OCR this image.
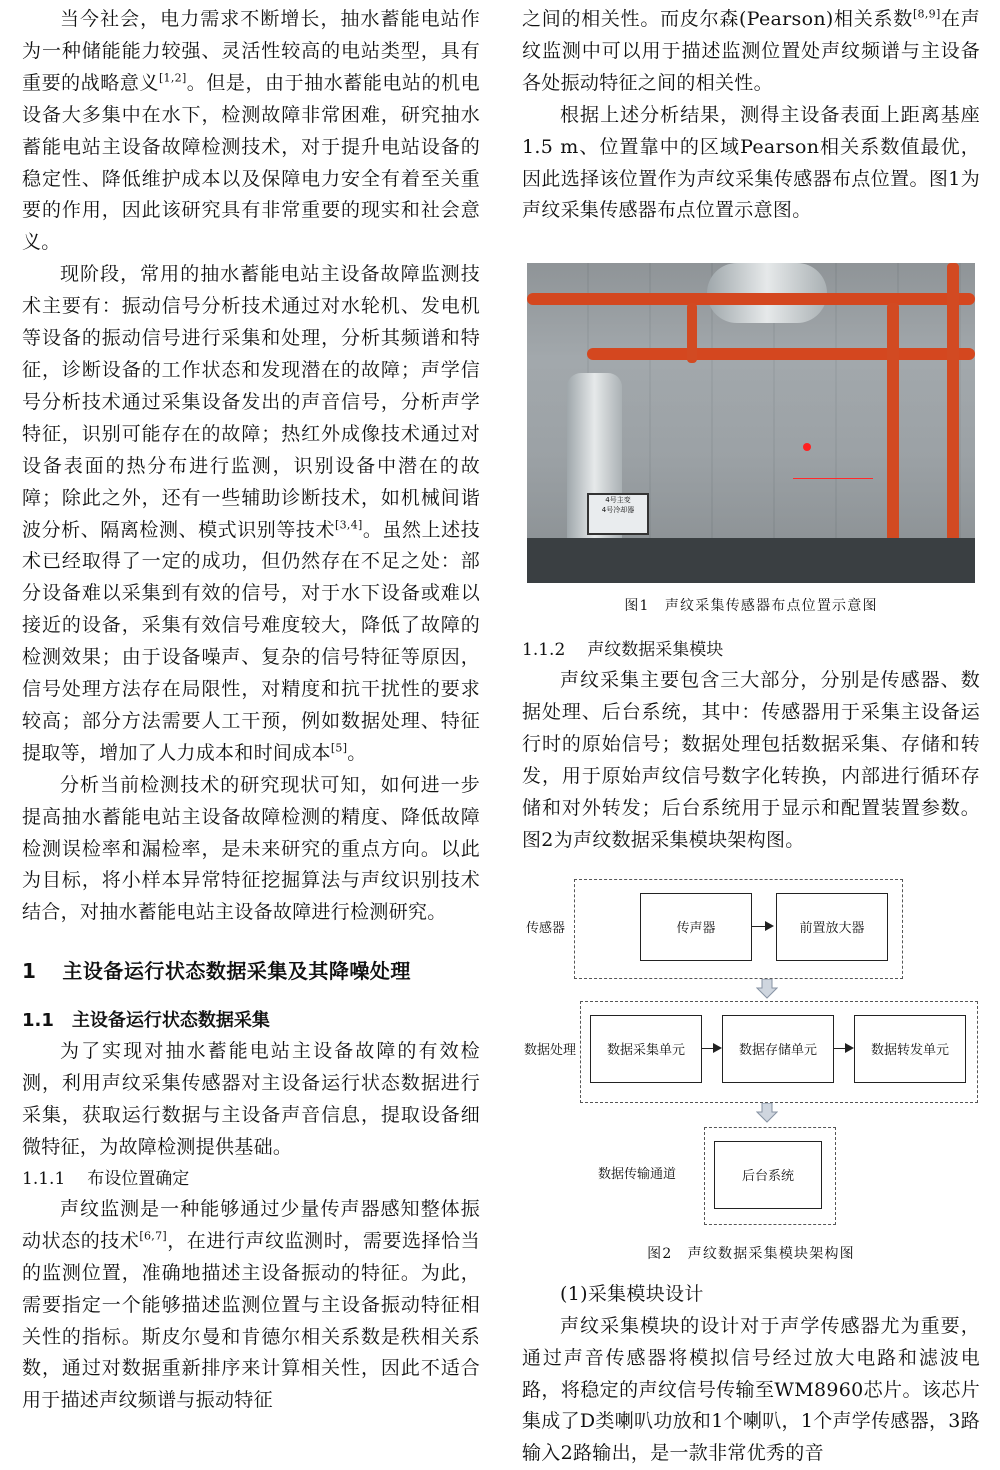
当今社会，电力需求不断增长，抽水蓄能电站作为一种储能能力较强、灵活性较高的电站类型，具有重要的战略意义[1,2]。但是，由于抽水蓄能电站的机电设备大多集中在水下，检测故障非常困难，研究抽水蓄能电站主设备故障检测技术，对于提升电站设备的稳定性、降低维护成本以及保障电力安全有着至关重要的作用，因此该研究具有非常重要的现实和社会意义。

现阶段，常用的抽水蓄能电站主设备故障监测技术主要有：振动信号分析技术通过对水轮机、发电机等设备的振动信号进行采集和处理，分析其频谱和特征，诊断设备的工作状态和发现潜在的故障；声学信号分析技术通过采集设备发出的声音信号，分析声学特征，识别可能存在的故障；热红外成像技术通过对设备表面的热分布进行监测，识别设备中潜在的故障；除此之外，还有一些辅助诊断技术，如机械间谐波分析、隔离检测、模式识别等技术[3,4]。虽然上述技术已经取得了一定的成功，但仍然存在不足之处：部分设备难以采集到有效的信号，对于水下设备或难以接近的设备，采集有效信号难度较大，降低了故障的检测效果；由于设备噪声、复杂的信号特征等原因，信号处理方法存在局限性，对精度和抗干扰性的要求较高；部分方法需要人工干预，例如数据处理、特征提取等，增加了人力成本和时间成本[5]。

分析当前检测技术的研究现状可知，如何进一步提高抽水蓄能电站主设备故障检测的精度、降低故障检测误检率和漏检率，是未来研究的重点方向。以此为目标，将小样本异常特征挖掘算法与声纹识别技术结合，对抽水蓄能电站主设备故障进行检测研究。

1 主设备运行状态数据采集及其降噪处理
1.1 主设备运行状态数据采集

为了实现对抽水蓄能电站主设备故障的有效检测，利用声纹采集传感器对主设备运行状态数据进行采集，获取运行数据与主设备声音信息，提取设备细微特征，为故障检测提供基础。

1.1.1 布设位置确定

声纹监测是一种能够通过少量传声器感知整体振动状态的技术[6,7]，在进行声纹监测时，需要选择恰当的监测位置，准确地描述主设备振动的特征。为此，需要指定一个能够描述监测位置与主设备振动特征相关性的指标。斯皮尔曼和肯德尔相关系数是秩相关系数，通过对数据重新排序来计算相关性，因此不适合用于描述声纹频谱与振动特征

之间的相关性。而皮尔森(Pearson)相关系数[8,9]在声纹监测中可以用于描述监测位置处声纹频谱与主设备各处振动特征之间的相关性。

根据上述分析结果，测得主设备表面上距离基座1.5 m、位置靠中的区域Pearson相关系数值最优，因此选择该位置作为声纹采集传感器布点位置。图1为声纹采集传感器布点位置示意图。

4号主变
4号冷却器
图1　声纹采集传感器布点位置示意图
1.1.2 声纹数据采集模块

声纹采集主要包含三大部分，分别是传感器、数据处理、后台系统，其中：传感器用于采集主设备运行时的原始信号；数据处理包括数据采集、存储和转发，用于原始声纹信号数字化转换，内部进行循环存储和对外转发；后台系统用于显示和配置装置参数。图2为声纹数据采集模块架构图。

传感器	传声器	前置放大器
数据处理	数据采集单元	数据存储单元	数据转发单元
数据传输通道	后台系统
图2　声纹数据采集模块架构图

(1)采集模块设计

声纹采集模块的设计对于声学传感器尤为重要，通过声音传感器将模拟信号经过放大电路和滤波电路，将稳定的声纹信号传输至WM8960芯片。该芯片集成了D类喇叭功放和1个喇叭，1个声学传感器，3路输入2路输出，是一款非常优秀的音
